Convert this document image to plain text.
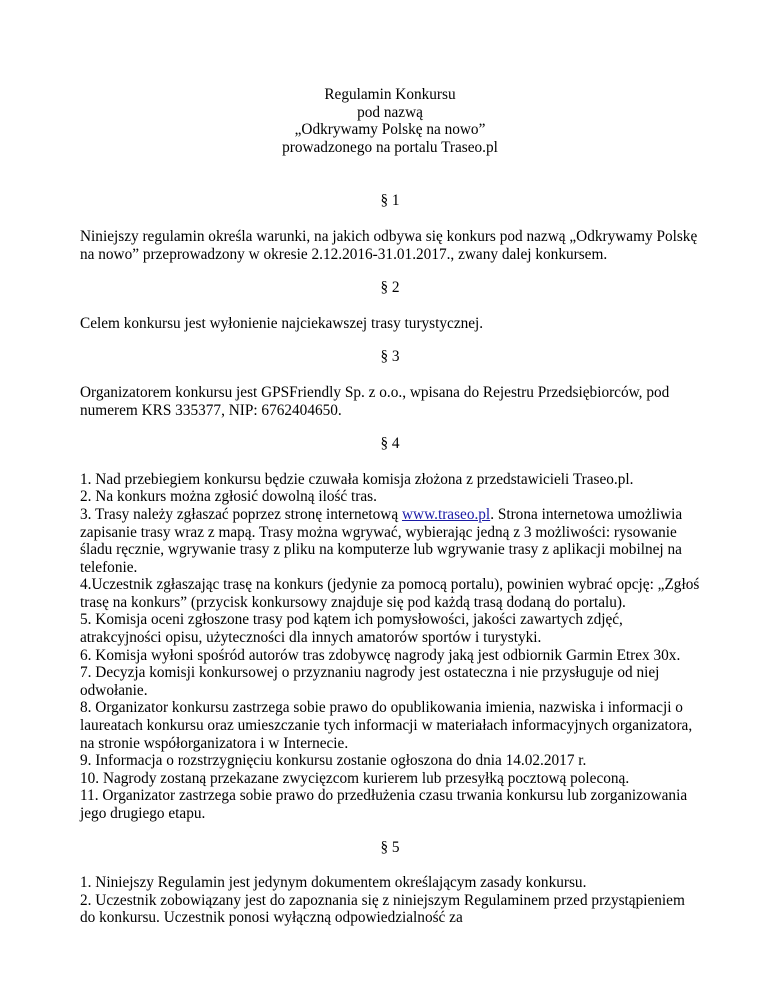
Regulamin Konkursu
pod nazwą
„Odkrywamy Polskę na nowo”
prowadzonego na portalu Traseo.pl
§ 1

Niniejszy regulamin określa warunki, na jakich odbywa się konkurs pod nazwą „Odkrywamy Polskę na nowo” przeprowadzony w okresie 2.12.2016-31.01.2017., zwany dalej konkursem.

§ 2

Celem konkursu jest wyłonienie najciekawszej trasy turystycznej.

§ 3

Organizatorem konkursu jest GPSFriendly Sp. z o.o., wpisana do Rejestru Przedsiębiorców, pod numerem KRS 335377, NIP: 6762404650.

§ 4

1. Nad przebiegiem konkursu będzie czuwała komisja złożona z przedstawicieli Traseo.pl.

2. Na konkurs można zgłosić dowolną ilość tras.

3. Trasy należy zgłaszać poprzez stronę internetową www.traseo.pl. Strona internetowa umożliwia zapisanie trasy wraz z mapą. Trasy można wgrywać, wybierając jedną z 3 możliwości: rysowanie śladu ręcznie, wgrywanie trasy z pliku na komputerze lub wgrywanie trasy z aplikacji mobilnej na telefonie.

4.Uczestnik zgłaszając trasę na konkurs (jedynie za pomocą portalu), powinien wybrać opcję: „Zgłoś trasę na konkurs” (przycisk konkursowy znajduje się pod każdą trasą dodaną do portalu).

5. Komisja oceni zgłoszone trasy pod kątem ich pomysłowości, jakości zawartych zdjęć, atrakcyjności opisu, użyteczności dla innych amatorów sportów i turystyki.

6. Komisja wyłoni spośród autorów tras zdobywcę nagrody jaką jest odbiornik Garmin Etrex 30x.

7. Decyzja komisji konkursowej o przyznaniu nagrody jest ostateczna i nie przysługuje od niej odwołanie.

8. Organizator konkursu zastrzega sobie prawo do opublikowania imienia, nazwiska i informacji o laureatach konkursu oraz umieszczanie tych informacji w materiałach informacyjnych organizatora, na stronie współorganizatora i w Internecie.

9. Informacja o rozstrzygnięciu konkursu zostanie ogłoszona do dnia 14.02.2017 r.

10. Nagrody zostaną przekazane zwycięzcom kurierem lub przesyłką pocztową poleconą.

11. Organizator zastrzega sobie prawo do przedłużenia czasu trwania konkursu lub zorganizowania jego drugiego etapu.

§ 5

1. Niniejszy Regulamin jest jedynym dokumentem określającym zasady konkursu.

2. Uczestnik zobowiązany jest do zapoznania się z niniejszym Regulaminem przed przystąpieniem do konkursu. Uczestnik ponosi wyłączną odpowiedzialność za
